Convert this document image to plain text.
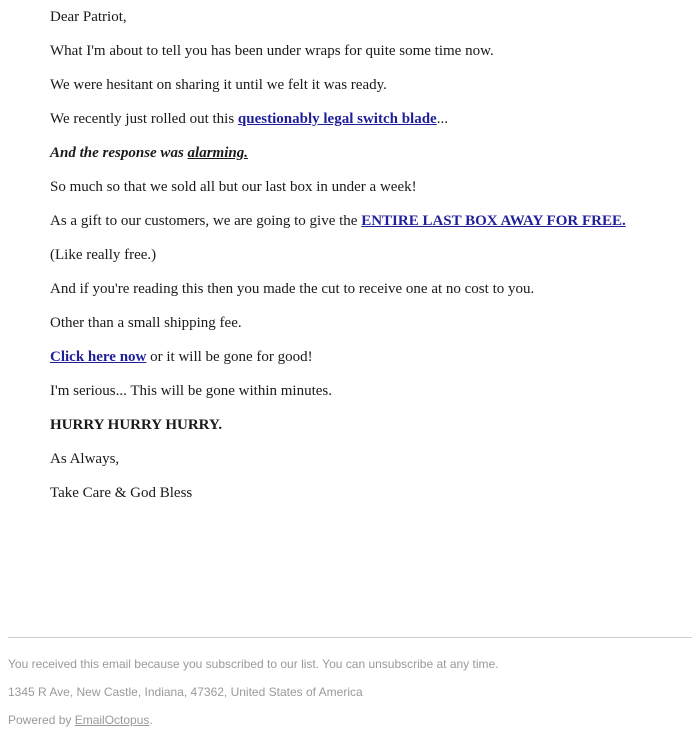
Dear Patriot,

What I'm about to tell you has been under wraps for quite some time now.

We were hesitant on sharing it until we felt it was ready.

We recently just rolled out this questionably legal switch blade...

And the response was alarming.

So much so that we sold all but our last box in under a week!

As a gift to our customers, we are going to give the ENTIRE LAST BOX AWAY FOR FREE.

(Like really free.)

And if you're reading this then you made the cut to receive one at no cost to you.

Other than a small shipping fee.

Click here now or it will be gone for good!

I'm serious... This will be gone within minutes.

HURRY HURRY HURRY.

As Always,

Take Care & God Bless

You received this email because you subscribed to our list. You can unsubscribe at any time.

1345 R Ave, New Castle, Indiana, 47362, United States of America

Powered by EmailOctopus.
